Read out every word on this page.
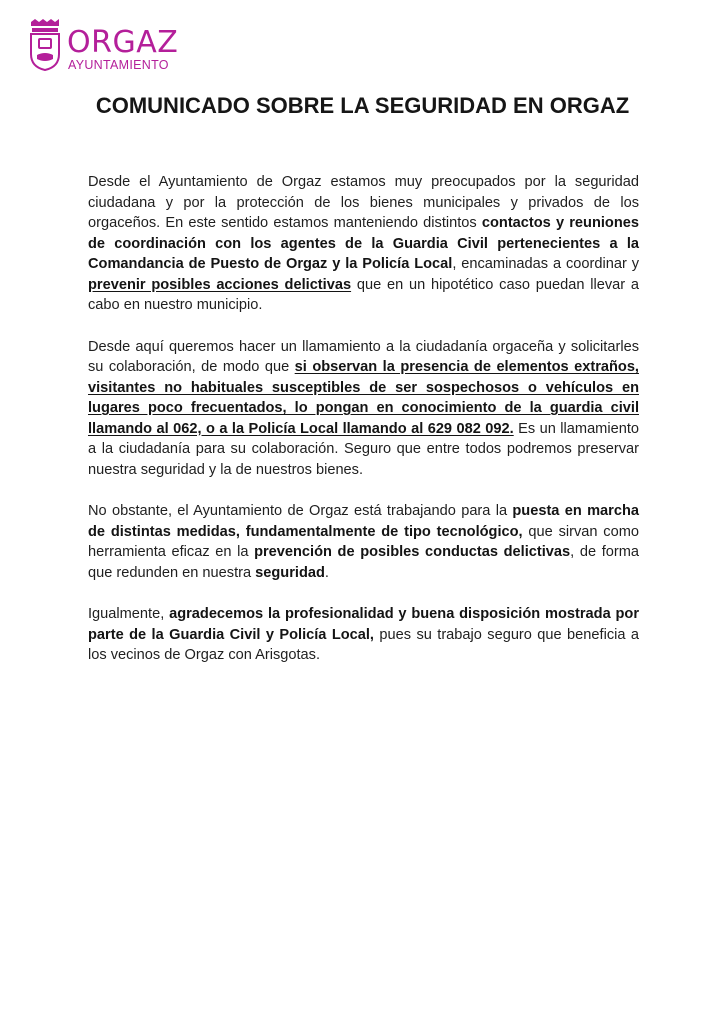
ORGAZ
AYUNTAMIENTO
COMUNICADO SOBRE LA SEGURIDAD EN ORGAZ

Desde el Ayuntamiento de Orgaz estamos muy preocupados por la seguridad ciudadana y por la protección de los bienes municipales y privados de los orgaceños. En este sentido estamos manteniendo distintos contactos y reuniones de coordinación con los agentes de la Guardia Civil pertenecientes a la Comandancia de Puesto de Orgaz y la Policía Local, encaminadas a coordinar y prevenir posibles acciones delictivas que en un hipotético caso puedan llevar a cabo en nuestro municipio.

Desde aquí queremos hacer un llamamiento a la ciudadanía orgaceña y solicitarles su colaboración, de modo que si observan la presencia de elementos extraños, visitantes no habituales susceptibles de ser sospechosos o vehículos en lugares poco frecuentados, lo pongan en conocimiento de la guardia civil llamando al 062, o a la Policía Local llamando al 629 082 092. Es un llamamiento a la ciudadanía para su colaboración. Seguro que entre todos podremos preservar nuestra seguridad y la de nuestros bienes.

No obstante, el Ayuntamiento de Orgaz está trabajando para la puesta en marcha de distintas medidas, fundamentalmente de tipo tecnológico, que sirvan como herramienta eficaz en la prevención de posibles conductas delictivas, de forma que redunden en nuestra seguridad.

Igualmente, agradecemos la profesionalidad y buena disposición mostrada por parte de la Guardia Civil y Policía Local, pues su trabajo seguro que beneficia a los vecinos de Orgaz con Arisgotas.
